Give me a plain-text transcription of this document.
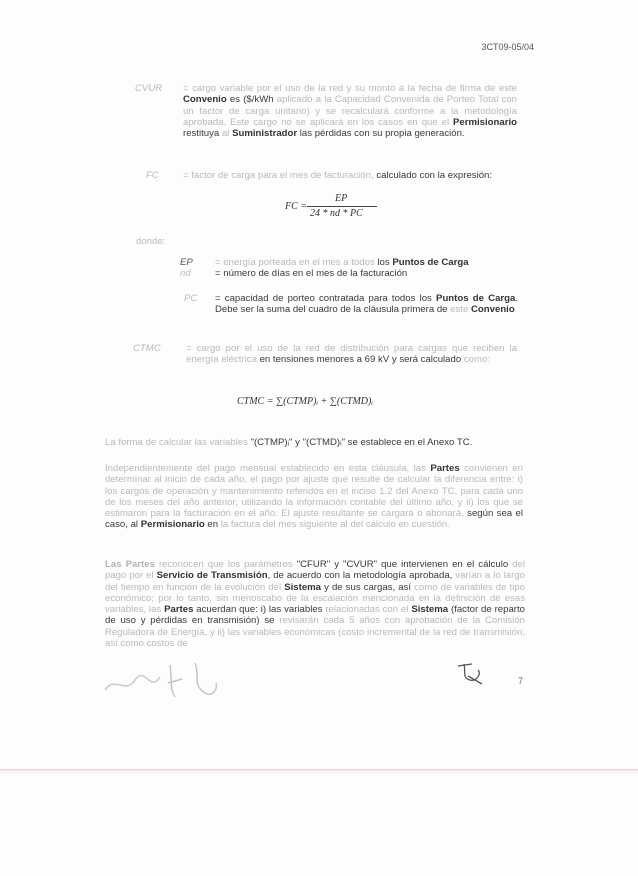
3CT09-05/04
CVUR = cargo variable por el uso de la red y su monto a la fecha de firma de este Convenio es ($/kWh aplicado a la Capacidad Convenida de Porteo Total con un factor de carga unitario) y se recalculará conforme a la metodología aprobada. Este cargo no se aplicará en los casos en que el Permisionario restituya al Suministrador las pérdidas con su propia generación.
FC	= factor de carga para el mes de facturación, calculado con la expresión:
FC =
EP
24 * nd * PC
donde:
EP = energía porteada en el mes a todos los Puntos de Carga
nd	= número de días en el mes de la facturación
PC = capacidad de porteo contratada para todos los Puntos de Carga. Debe ser la suma del cuadro de la cláusula primera de este Convenio
CTMC	= cargo por el uso de la red de distribución para cargas que reciben la energía eléctrica en tensiones menores a 69 kV y será calculado como:
CTMC = ∑(CTMP)ᵢ + ∑(CTMD)ᵢ
La forma de calcular las variables "(CTMP)ᵢ" y "(CTMD)ᵢ" se establece en el Anexo TC.
Independientemente del pago mensual establecido en esta cláusula, las Partes convienen en determinar al inicio de cada año, el pago por ajuste que resulte de calcular la diferencia entre: i) los cargos de operación y mantenimiento referidos en el inciso 1.2 del Anexo TC, para cada uno de los meses del año anterior, utilizando la información contable del último año, y ii) los que se estimaron para la facturación en el año. El ajuste resultante se cargará o abonará, según sea el caso, al Permisionario en la factura del mes siguiente al del cálculo en cuestión.
Las Partes reconocen que los parámetros "CFUR" y "CVUR" que intervienen en el cálculo del pago por el Servicio de Transmisión, de acuerdo con la metodología aprobada, varían a lo largo del tiempo en función de la evolución del Sistema y de sus cargas, así como de variables de tipo económico; por lo tanto, sin menoscabo de la escalación mencionada en la definición de esas variables, las Partes acuerdan que: i) las variables relacionadas con el Sistema (factor de reparto de uso y pérdidas en transmisión) se revisarán cada 5 años con aprobación de la Comisión Reguladora de Energía, y ii) las variables económicas (costo incremental de la red de transmisión, así como costos de
7
